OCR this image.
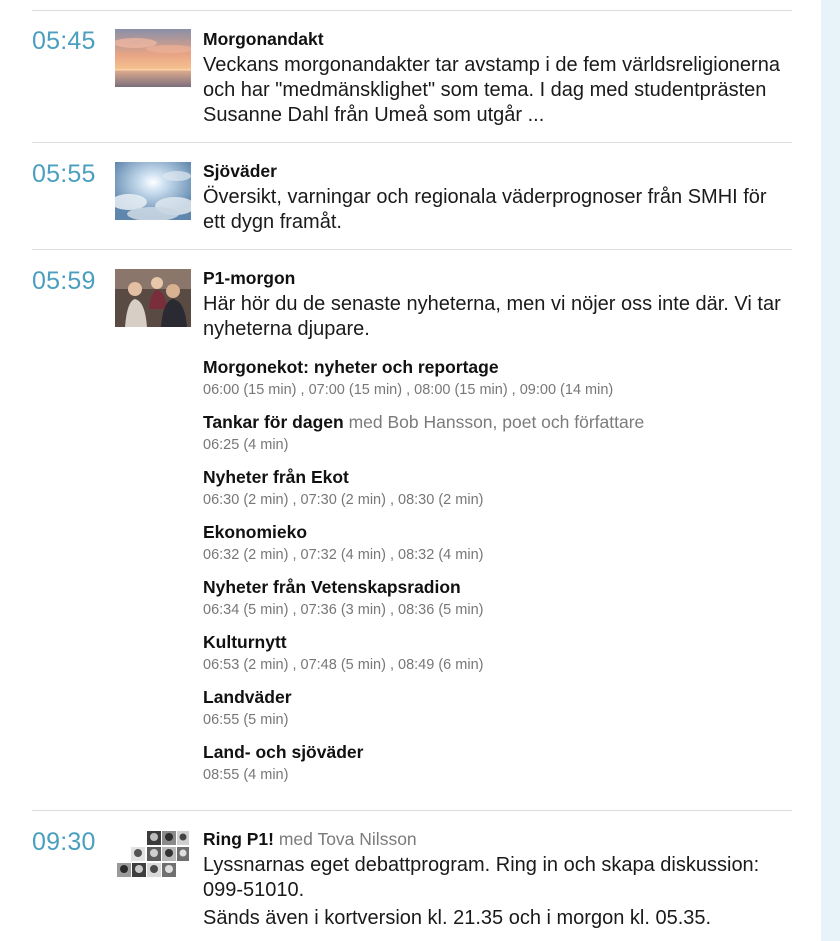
05:45	Morgonandakt
Veckans morgonandakter tar avstamp i de fem världsreligionerna och har "medmänsklighet" som tema. I dag med studentprästen Susanne Dahl från Umeå som utgår ...
05:55	Sjöväder
Översikt, varningar och regionala väderprognoser från SMHI för ett dygn framåt.
05:59	P1-morgon
Här hör du de senaste nyheterna, men vi nöjer oss inte där. Vi tar nyheterna djupare.
Morgonekot: nyheter och reportage
06:00 (15 min) , 07:00 (15 min) , 08:00 (15 min) , 09:00 (14 min)
Tankar för dagen med Bob Hansson, poet och författare
06:25 (4 min)
Nyheter från Ekot
06:30 (2 min) , 07:30 (2 min) , 08:30 (2 min)
Ekonomieko
06:32 (2 min) , 07:32 (4 min) , 08:32 (4 min)
Nyheter från Vetenskapsradion
06:34 (5 min) , 07:36 (3 min) , 08:36 (5 min)
Kulturnytt
06:53 (2 min) , 07:48 (5 min) , 08:49 (6 min)
Landväder
06:55 (5 min)
Land- och sjöväder
08:55 (4 min)
09:30	Ring P1! med Tova Nilsson
Lyssnarnas eget debattprogram. Ring in och skapa diskussion: 099-51010.
Sänds även i kortversion kl. 21.35 och i morgon kl. 05.35.
